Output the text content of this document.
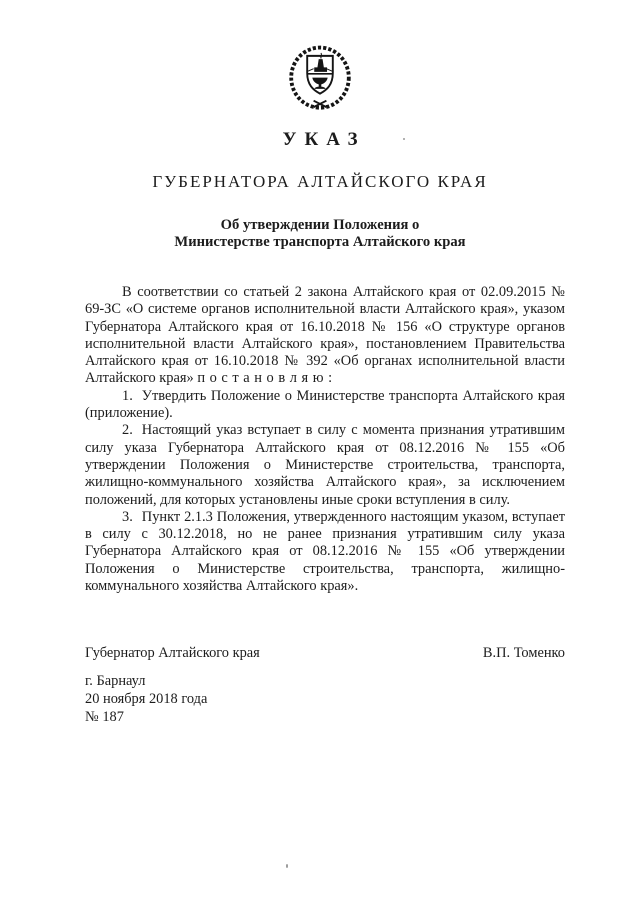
УКАЗ
ГУБЕРНАТОРА АЛТАЙСКОГО КРАЯ
Об утверждении Положения о
Министерстве транспорта Алтайского края

В соответствии со статьей 2 закона Алтайского края от 02.09.2015 № 69-ЗС «О системе органов исполнительной власти Алтайского края», указом Губернатора Алтайского края от 16.10.2018 № 156 «О структуре органов исполнительной власти Алтайского края», постановлением Правительства Алтайского края от 16.10.2018 № 392 «Об органах исполнительной власти Алтайского края» п о с т а н о в л я ю :

1. Утвердить Положение о Министерстве транспорта Алтайского края (приложение).

2. Настоящий указ вступает в силу с момента признания утратившим силу указа Губернатора Алтайского края от 08.12.2016 № 155 «Об утверждении Положения о Министерстве строительства, транспорта, жилищно-коммунального хозяйства Алтайского края», за исключением положений, для которых установлены иные сроки вступления в силу.

3. Пункт 2.1.3 Положения, утвержденного настоящим указом, вступает в силу с 30.12.2018, но не ранее признания утратившим силу указа Губернатора Алтайского края от 08.12.2016 № 155 «Об утверждении Положения о Министерстве строительства, транспорта, жилищно-коммунального хозяйства Алтайского края».

Губернатор Алтайского края	В.П. Томенко
г. Барнаул
20 ноября 2018 года
№ 187
